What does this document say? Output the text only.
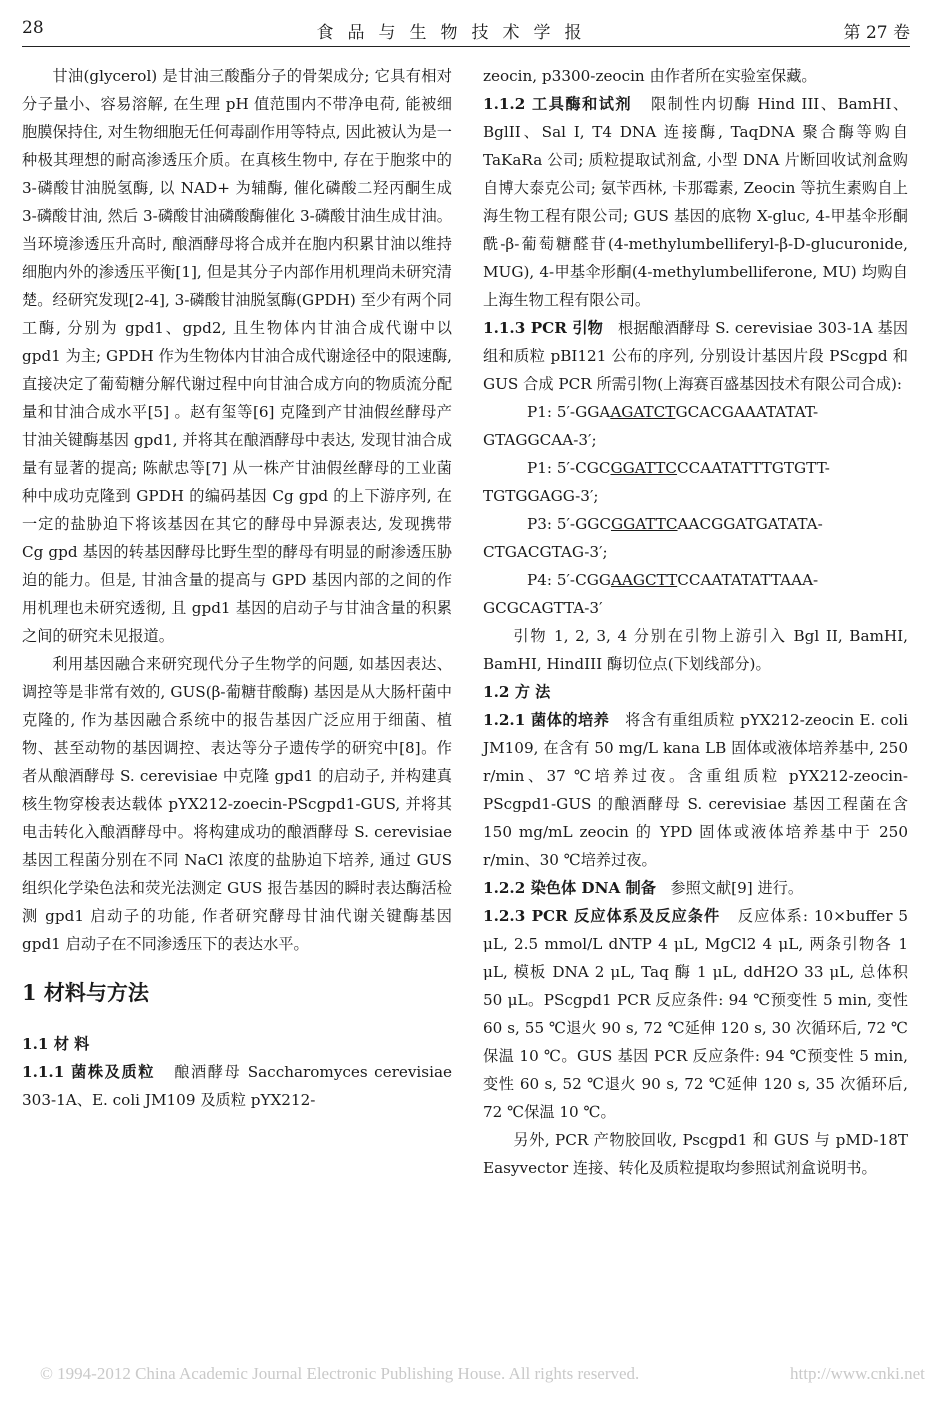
28	食品与生物技术学报	第 27 卷

甘油(glycerol) 是甘油三酸酯分子的骨架成分; 它具有相对分子量小、容易溶解, 在生理 pH 值范围内不带净电荷, 能被细胞膜保持住, 对生物细胞无任何毒副作用等特点, 因此被认为是一种极其理想的耐高渗透压介质。在真核生物中, 存在于胞浆中的 3-磷酸甘油脱氢酶, 以 NAD+ 为辅酶, 催化磷酸二羟丙酮生成 3-磷酸甘油, 然后 3-磷酸甘油磷酸酶催化 3-磷酸甘油生成甘油。当环境渗透压升高时, 酿酒酵母将合成并在胞内积累甘油以维持细胞内外的渗透压平衡[1], 但是其分子内部作用机理尚未研究清楚。经研究发现[2-4], 3-磷酸甘油脱氢酶(GPDH) 至少有两个同工酶, 分别为 gpd1、gpd2, 且生物体内甘油合成代谢中以 gpd1 为主; GPDH 作为生物体内甘油合成代谢途径中的限速酶, 直接决定了葡萄糖分解代谢过程中向甘油合成方向的物质流分配量和甘油合成水平[5] 。赵有玺等[6] 克隆到产甘油假丝酵母产甘油关键酶基因 gpd1, 并将其在酿酒酵母中表达, 发现甘油合成量有显著的提高; 陈献忠等[7] 从一株产甘油假丝酵母的工业菌种中成功克隆到 GPDH 的编码基因 Cg gpd 的上下游序列, 在一定的盐胁迫下将该基因在其它的酵母中异源表达, 发现携带 Cg gpd 基因的转基因酵母比野生型的酵母有明显的耐渗透压胁迫的能力。但是, 甘油含量的提高与 GPD 基因内部的之间的作用机理也未研究透彻, 且 gpd1 基因的启动子与甘油含量的积累之间的研究未见报道。

利用基因融合来研究现代分子生物学的问题, 如基因表达、调控等是非常有效的, GUS(β-葡糖苷酸酶) 基因是从大肠杆菌中克隆的, 作为基因融合系统中的报告基因广泛应用于细菌、植物、甚至动物的基因调控、表达等分子遗传学的研究中[8]。作者从酿酒酵母 S. cerevisiae 中克隆 gpd1 的启动子, 并构建真核生物穿梭表达载体 pYX212-zoecin-PScgpd1-GUS, 并将其电击转化入酿酒酵母中。将构建成功的酿酒酵母 S. cerevisiae 基因工程菌分别在不同 NaCl 浓度的盐胁迫下培养, 通过 GUS 组织化学染色法和荧光法测定 GUS 报告基因的瞬时表达酶活检测 gpd1 启动子的功能, 作者研究酵母甘油代谢关键酶基因 gpd1 启动子在不同渗透压下的表达水平。

1 材料与方法

1.1 材 料

1.1.1 菌株及质粒 酿酒酵母 Saccharomyces cerevisiae 303-1A、E. coli JM109 及质粒 pYX212-

zeocin, p3300-zeocin 由作者所在实验室保藏。

1.1.2 工具酶和试剂 限制性内切酶 Hind III、BamHI、BglII、Sal I, T4 DNA 连接酶, TaqDNA 聚合酶等购自 TaKaRa 公司; 质粒提取试剂盒, 小型 DNA 片断回收试剂盒购自博大泰克公司; 氨苄西林, 卡那霉素, Zeocin 等抗生素购自上海生物工程有限公司; GUS 基因的底物 X-gluc, 4-甲基伞形酮酰-β-葡萄糖醛苷(4-methylumbelliferyl-β-D-glucuronide, MUG), 4-甲基伞形酮(4-methylumbelliferone, MU) 均购自上海生物工程有限公司。

1.1.3 PCR 引物 根据酿酒酵母 S. cerevisiae 303-1A 基因组和质粒 pBI121 公布的序列, 分别设计基因片段 PScgpd 和 GUS 合成 PCR 所需引物(上海赛百盛基因技术有限公司合成):

P1: 5′-GGAAGATCTGCACGAAATATAT-

GTAGGCAA-3′;

P1: 5′-CGCGGATTCCCAATATTTGTGTT-

TGTGGAGG-3′;

P3: 5′-GGCGGATTCAACGGATGATATA-

CTGACGTAG-3′;

P4: 5′-CGGAAGCTTCCAATATATTAAA-

GCGCAGTTA-3′

引物 1, 2, 3, 4 分别在引物上游引入 Bgl II, BamHI, BamHI, HindIII 酶切位点(下划线部分)。

1.2 方 法

1.2.1 菌体的培养 将含有重组质粒 pYX212-zeocin E. coli JM109, 在含有 50 mg/L kana LB 固体或液体培养基中, 250 r/min、37 ℃培养过夜。含重组质粒 pYX212-zeocin-PScgpd1-GUS 的酿酒酵母 S. cerevisiae 基因工程菌在含 150 mg/mL zeocin 的 YPD 固体或液体培养基中于 250 r/min、30 ℃培养过夜。

1.2.2 染色体 DNA 制备 参照文献[9] 进行。

1.2.3 PCR 反应体系及反应条件 反应体系: 10×buffer 5 μL, 2.5 mmol/L dNTP 4 μL, MgCl2 4 μL, 两条引物各 1 μL, 模板 DNA 2 μL, Taq 酶 1 μL, ddH2O 33 μL, 总体积 50 μL。PScgpd1 PCR 反应条件: 94 ℃预变性 5 min, 变性 60 s, 55 ℃退火 90 s, 72 ℃延伸 120 s, 30 次循环后, 72 ℃保温 10 ℃。GUS 基因 PCR 反应条件: 94 ℃预变性 5 min, 变性 60 s, 52 ℃退火 90 s, 72 ℃延伸 120 s, 35 次循环后, 72 ℃保温 10 ℃。

另外, PCR 产物胶回收, Pscgpd1 和 GUS 与 pMD-18T Easyvector 连接、转化及质粒提取均参照试剂盒说明书。

© 1994-2012 China Academic Journal Electronic Publishing House. All rights reserved.	http://www.cnki.net
